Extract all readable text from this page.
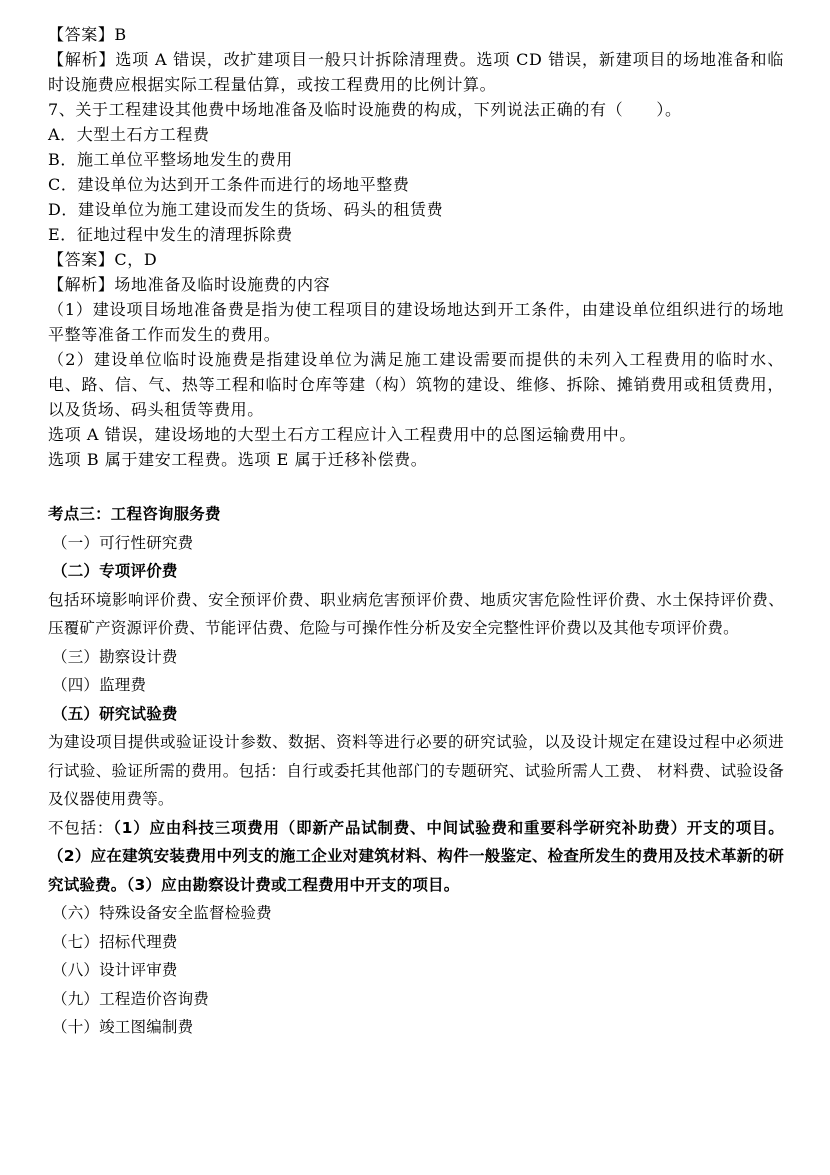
【答案】B

【解析】选项 A 错误，改扩建项目一般只计拆除清理费。选项 CD 错误，新建项目的场地准备和临时设施费应根据实际工程量估算，或按工程费用的比例计算。

7、关于工程建设其他费中场地准备及临时设施费的构成，下列说法正确的有（　　）。

A．大型土石方工程费

B．施工单位平整场地发生的费用

C．建设单位为达到开工条件而进行的场地平整费

D．建设单位为施工建设而发生的货场、码头的租赁费

E．征地过程中发生的清理拆除费

【答案】C，D

【解析】场地准备及临时设施费的内容

（1）建设项目场地准备费是指为使工程项目的建设场地达到开工条件，由建设单位组织进行的场地平整等准备工作而发生的费用。

（2）建设单位临时设施费是指建设单位为满足施工建设需要而提供的未列入工程费用的临时水、电、路、信、气、热等工程和临时仓库等建（构）筑物的建设、维修、拆除、摊销费用或租赁费用，以及货场、码头租赁等费用。

选项 A 错误，建设场地的大型土石方工程应计入工程费用中的总图运输费用中。

选项 B 属于建安工程费。选项 E 属于迁移补偿费。

考点三：工程咨询服务费

（一）可行性研究费

（二）专项评价费

包括环境影响评价费、安全预评价费、职业病危害预评价费、地质灾害危险性评价费、水土保持评价费、压覆矿产资源评价费、节能评估费、危险与可操作性分析及安全完整性评价费以及其他专项评价费。

（三）勘察设计费

（四）监理费

（五）研究试验费

为建设项目提供或验证设计参数、数据、资料等进行必要的研究试验，以及设计规定在建设过程中必须进行试验、验证所需的费用。包括：自行或委托其他部门的专题研究、试验所需人工费、 材料费、试验设备及仪器使用费等。

不包括：（1）应由科技三项费用（即新产品试制费、中间试验费和重要科学研究补助费）开支的项目。（2）应在建筑安装费用中列支的施工企业对建筑材料、构件一般鉴定、检查所发生的费用及技术革新的研究试验费。（3）应由勘察设计费或工程费用中开支的项目。

（六）特殊设备安全监督检验费

（七）招标代理费

（八）设计评审费

（九）工程造价咨询费

（十）竣工图编制费
